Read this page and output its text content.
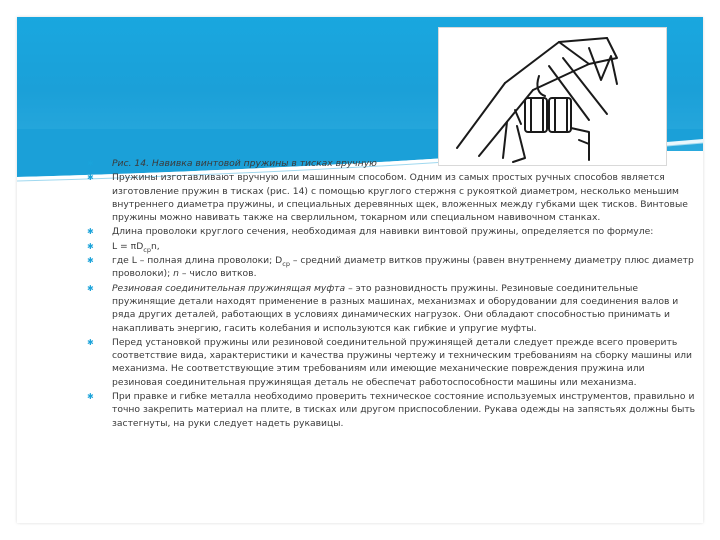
✱ Рис. 14. Навивка винтовой пружины в тисках вручную
✱ Пружины изготавливают вручную или машинным способом. Одним из самых простых ручных способов является изготовление пружин в тисках (рис. 14) с помощью круглого стержня с рукояткой диаметром, несколько меньшим внутреннего диаметра пружины, и специальных деревянных щек, вложенных между губками щек тисков. Винтовые пружины можно навивать также на сверлильном, токарном или специальном навивочном станках.
✱ Длина проволоки круглого сечения, необходимая для навивки винтовой пружины, определяется по формуле:
✱ $L = \pi D_{ср}n$,
✱ где L – полная длина проволоки; $D_{ср}$ – средний диаметр витков пружины (равен внутреннему диаметру плюс диаметр проволоки); n – число витков.
✱ Резиновая соединительная пружинящая муфта – это разновидность пружины. Резиновые соединительные пружинящие детали находят применение в разных машинах, механизмах и оборудовании для соединения валов и ряда других деталей, работающих в условиях динамических нагрузок. Они обладают способностью принимать и накапливать энергию, гасить колебания и используются как гибкие и упругие муфты.
✱ Перед установкой пружины или резиновой соединительной пружинящей детали следует прежде всего проверить соответствие вида, характеристики и качества пружины чертежу и техническим требованиям на сборку машины или механизма. Не соответствующие этим требованиям или имеющие механические повреждения пружина или резиновая соединительная пружинящая деталь не обеспечат работоспособности машины или механизма.
✱ При правке и гибке металла необходимо проверить техническое состояние используемых инструментов, правильно и точно закрепить материал на плите, в тисках или другом приспособлении. Рукава одежды на запястьях должны быть застегнуты, на руки следует надеть рукавицы.
